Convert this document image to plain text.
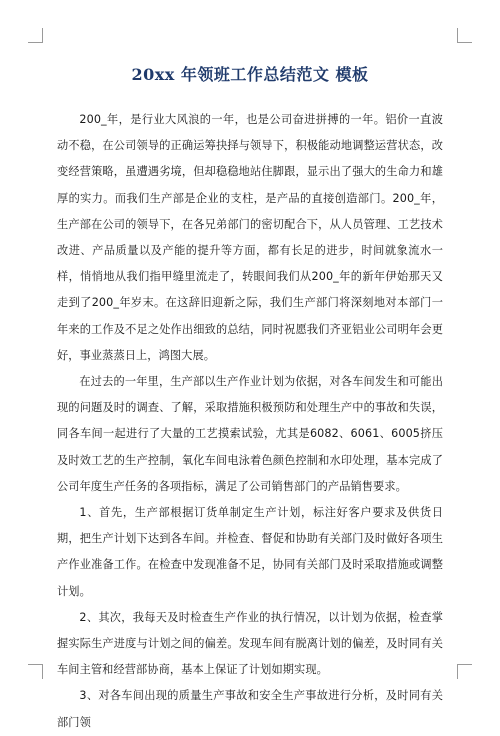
20xx 年领班工作总结范文 模板

200_年，是行业大风浪的一年，也是公司奋进拼搏的一年。铝价一直波动不稳，在公司领导的正确运筹抉择与领导下，积极能动地调整运营状态，改变经营策略，虽遭遇劣境，但却稳稳地站住脚跟，显示出了强大的生命力和雄厚的实力。而我们生产部是企业的支柱，是产品的直接创造部门。200_年，生产部在公司的领导下，在各兄弟部门的密切配合下，从人员管理、工艺技术改进、产品质量以及产能的提升等方面，都有长足的进步，时间就象流水一样，悄悄地从我们指甲缝里流走了，转眼间我们从200_年的新年伊始那天又走到了200_年岁末。在这辞旧迎新之际，我们生产部门将深刻地对本部门一年来的工作及不足之处作出细致的总结，同时祝愿我们齐亚铝业公司明年会更好，事业蒸蒸日上，鸿图大展。

在过去的一年里，生产部以生产作业计划为依据，对各车间发生和可能出现的问题及时的调查、了解，采取措施积极预防和处理生产中的事故和失误，同各车间一起进行了大量的工艺摸索试验，尤其是6082、6061、6005挤压及时效工艺的生产控制，氧化车间电泳着色颜色控制和水印处理，基本完成了公司年度生产任务的各项指标，满足了公司销售部门的产品销售要求。

1、首先，生产部根据订货单制定生产计划，标注好客户要求及供货日期，把生产计划下达到各车间。并检查、督促和协助有关部门及时做好各项生产作业准备工作。在检查中发现准备不足，协同有关部门及时采取措施或调整计划。

2、其次，我每天及时检查生产作业的执行情况，以计划为依据，检查掌握实际生产进度与计划之间的偏差。发现车间有脱离计划的偏差，及时同有关车间主管和经营部协商，基本上保证了计划如期实现。

3、对各车间出现的质量生产事故和安全生产事故进行分析，及时同有关部门领
